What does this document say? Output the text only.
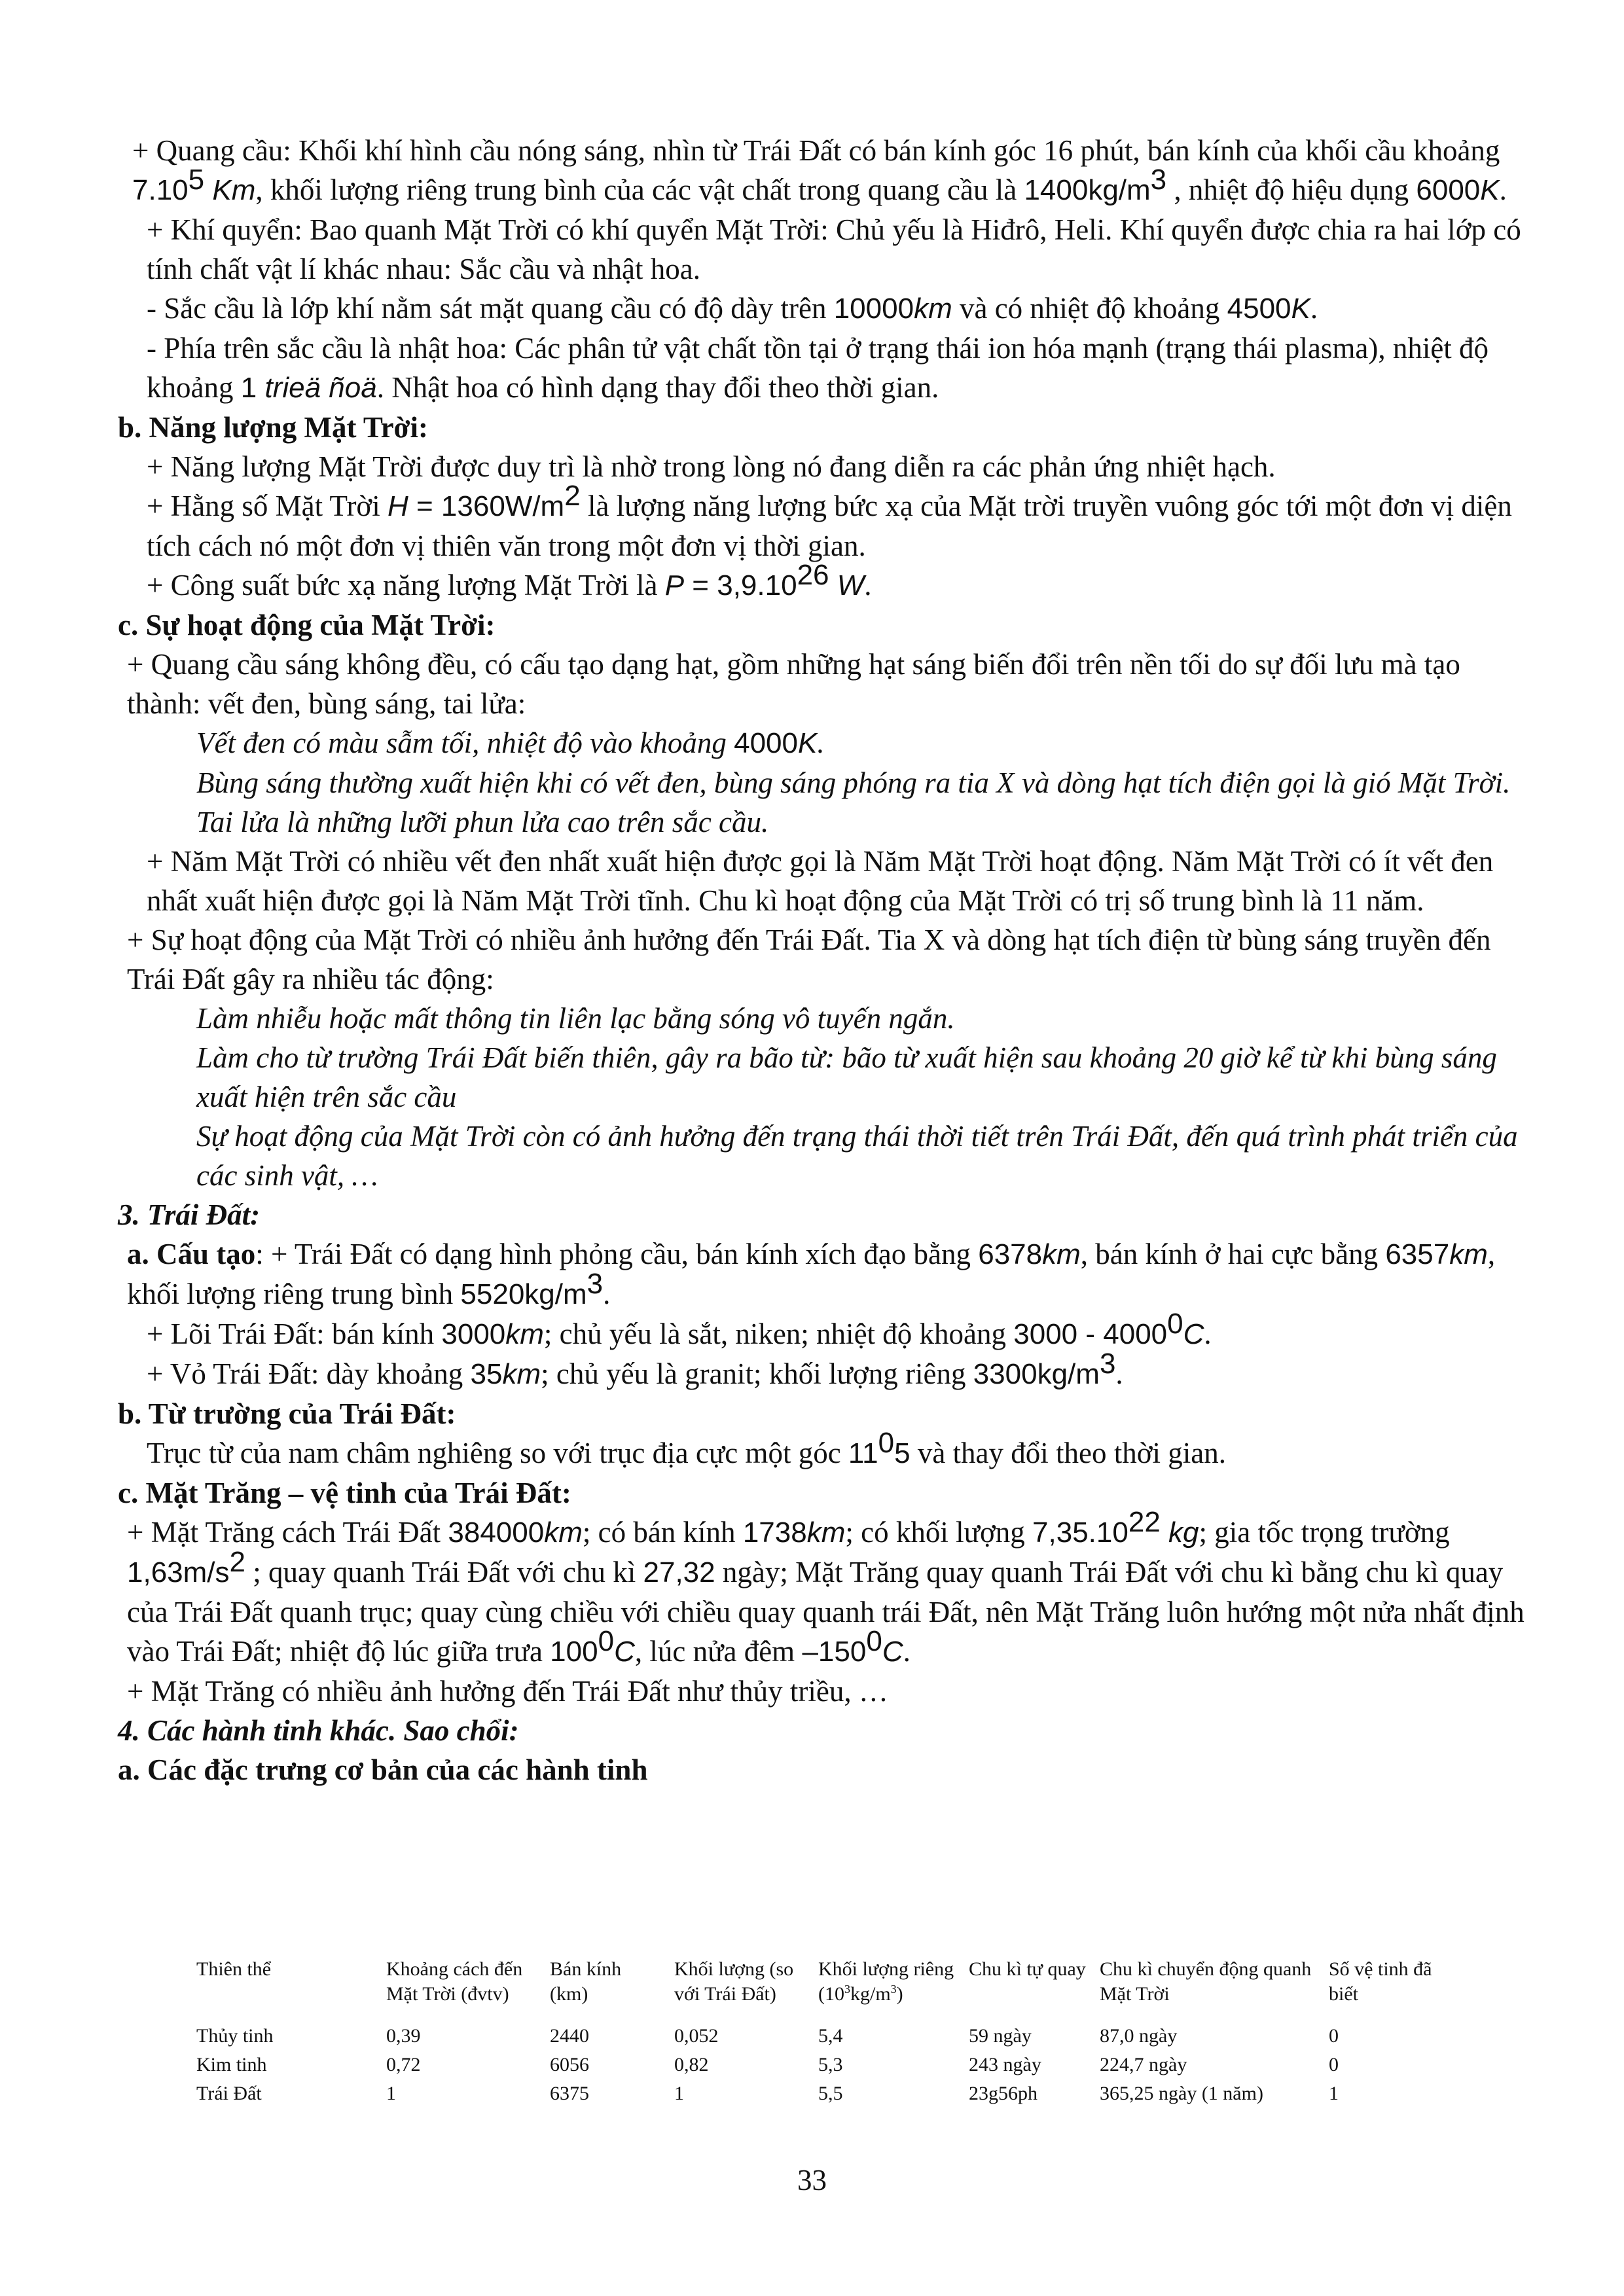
+ Quang cầu: Khối khí hình cầu nóng sáng, nhìn từ Trái Đất có bán kính góc 16 phút, bán kính của khối cầu khoảng 7.10$^5$ Km, khối lượng riêng trung bình của các vật chất trong quang cầu là $1400kg/m^3$ , nhiệt độ hiệu dụng 6000K.

+ Khí quyển: Bao quanh Mặt Trời có khí quyển Mặt Trời: Chủ yếu là Hiđrô, Heli. Khí quyển được chia ra hai lớp có tính chất vật lí khác nhau: Sắc cầu và nhật hoa.

- Sắc cầu là lớp khí nằm sát mặt quang cầu có độ dày trên 10000km và có nhiệt độ khoảng 4500K.

- Phía trên sắc cầu là nhật hoa: Các phân tử vật chất tồn tại ở trạng thái ion hóa mạnh (trạng thái plasma), nhiệt độ khoảng 1 trieä ñoä. Nhật hoa có hình dạng thay đổi theo thời gian.

b. Năng lượng Mặt Trời:

+ Năng lượng Mặt Trời được duy trì là nhờ trong lòng nó đang diễn ra các phản ứng nhiệt hạch.

+ Hằng số Mặt Trời $H = 1360W/m^2$ là lượng năng lượng bức xạ của Mặt trời truyền vuông góc tới một đơn vị diện tích cách nó một đơn vị thiên văn trong một đơn vị thời gian.

+ Công suất bức xạ năng lượng Mặt Trời là $P = 3,9.10^{26}$ W.

c. Sự hoạt động của Mặt Trời:

+ Quang cầu sáng không đều, có cấu tạo dạng hạt, gồm những hạt sáng biến đổi trên nền tối do sự đối lưu mà tạo thành: vết đen, bùng sáng, tai lửa:

Vết đen có màu sẫm tối, nhiệt độ vào khoảng 4000K.

Bùng sáng thường xuất hiện khi có vết đen, bùng sáng phóng ra tia X và dòng hạt tích điện gọi là gió Mặt Trời.

Tai lửa là những lưỡi phun lửa cao trên sắc cầu.

+ Năm Mặt Trời có nhiều vết đen nhất xuất hiện được gọi là Năm Mặt Trời hoạt động. Năm Mặt Trời có ít vết đen nhất xuất hiện được gọi là Năm Mặt Trời tĩnh. Chu kì hoạt động của Mặt Trời có trị số trung bình là 11 năm.

+ Sự hoạt động của Mặt Trời có nhiều ảnh hưởng đến Trái Đất. Tia X và dòng hạt tích điện từ bùng sáng truyền đến Trái Đất gây ra nhiều tác động:

Làm nhiễu hoặc mất thông tin liên lạc bằng sóng vô tuyến ngắn.

Làm cho từ trường Trái Đất biến thiên, gây ra bão từ: bão từ xuất hiện sau khoảng 20 giờ kể từ khi bùng sáng xuất hiện trên sắc cầu

Sự hoạt động của Mặt Trời còn có ảnh hưởng đến trạng thái thời tiết trên Trái Đất, đến quá trình phát triển của các sinh vật, …

3. Trái Đất:

a. Cấu tạo: + Trái Đất có dạng hình phỏng cầu, bán kính xích đạo bằng 6378km, bán kính ở hai cực bằng 6357km, khối lượng riêng trung bình $5520kg/m^3$.

+ Lõi Trái Đất: bán kính 3000km; chủ yếu là sắt, niken; nhiệt độ khoảng 3000 - 4000$^0$C.

+ Vỏ Trái Đất: dày khoảng 35km; chủ yếu là granit; khối lượng riêng $3300kg/m^3$.

b. Từ trường của Trái Đất:

Trục từ của nam châm nghiêng so với trục địa cực một góc $11^05$ và thay đổi theo thời gian.

c. Mặt Trăng – vệ tinh của Trái Đất:

+ Mặt Trăng cách Trái Đất 384000km; có bán kính 1738km; có khối lượng 7,35.10$^{22}$ kg; gia tốc trọng trường $1,63m/s^2$ ; quay quanh Trái Đất với chu kì 27,32 ngày; Mặt Trăng quay quanh Trái Đất với chu kì bằng chu kì quay của Trái Đất quanh trục; quay cùng chiều với chiều quay quanh trái Đất, nên Mặt Trăng luôn hướng một nửa nhất định vào Trái Đất; nhiệt độ lúc giữa trưa $100^0C$, lúc nửa đêm $-150^0C$.

+ Mặt Trăng có nhiều ảnh hưởng đến Trái Đất như thủy triều, …

4. Các hành tinh khác. Sao chổi:

a. Các đặc trưng cơ bản của các hành tinh

Thiên thể	Khoảng cách đến Mặt Trời (đvtv)	Bán kính (km)	Khối lượng (so với Trái Đất)	Khối lượng riêng $(10^3kg/m^3)$	Chu kì tự quay	Chu kì chuyển động quanh Mặt Trời	Số vệ tinh đã biết
Thủy tinh	0,39	2440	0,052	5,4	59 ngày	87,0 ngày	0
Kim tinh	0,72	6056	0,82	5,3	243 ngày	224,7 ngày	0
Trái Đất	1	6375	1	5,5	23g56ph	365,25 ngày (1 năm)	1
33
